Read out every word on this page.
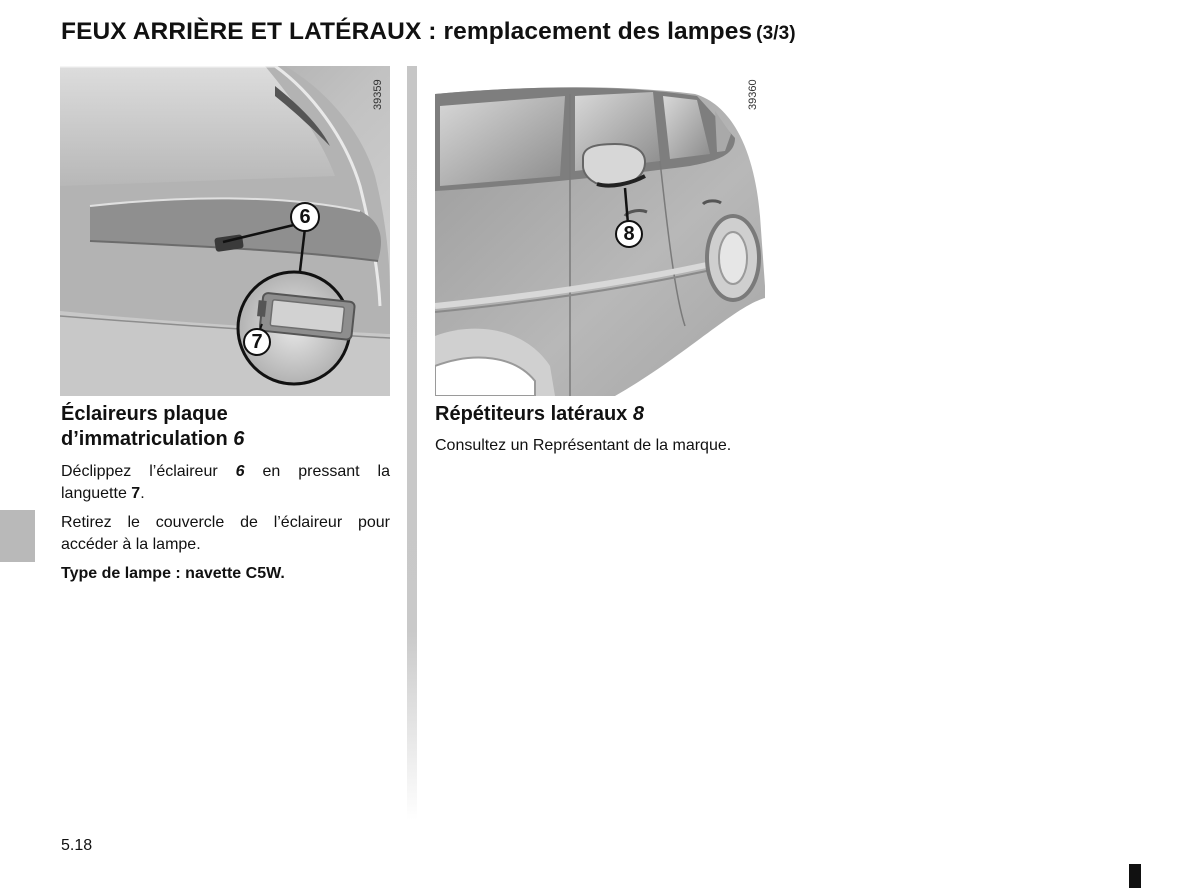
FEUX ARRIÈRE ET LATÉRAUX : remplacement des lampes (3/3)
6
7
39359
8
39360
Éclaireurs plaque
d’immatriculation 6
Déclippez l’éclaireur 6 en pressant la languette 7.
Retirez le couvercle de l’éclaireur pour accéder à la lampe.
Type de lampe : navette C5W.
Répétiteurs latéraux 8
Consultez un Représentant de la marque.
5.18
